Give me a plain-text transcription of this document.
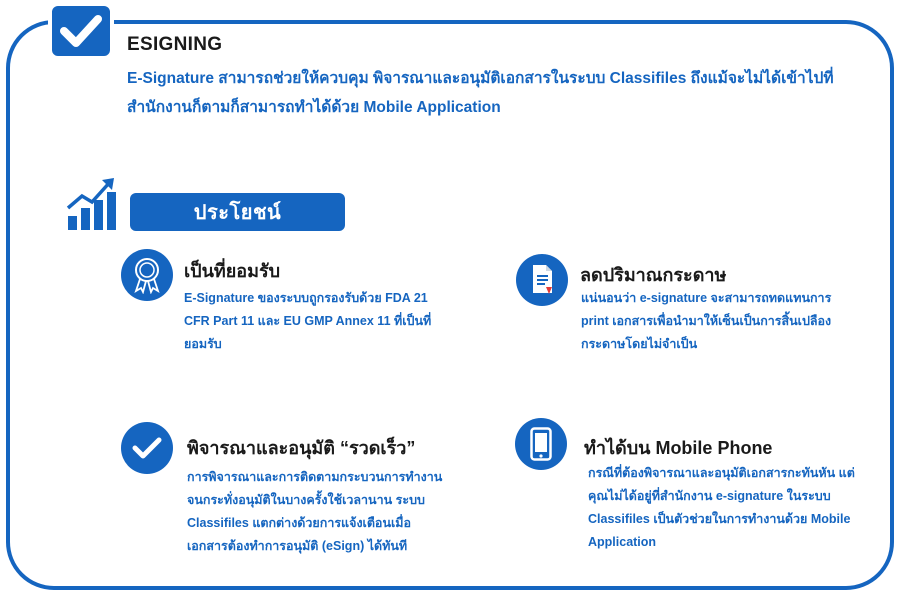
ESIGNING
E-Signature สามารถช่วยให้ควบคุม พิจารณาและอนุมัติเอกสารในระบบ Classifiles ถึงแม้จะไม่ได้เข้าไปที่สำนักงานก็ตามก็สามารถทำได้ด้วย Mobile Application
ประโยชน์
เป็นที่ยอมรับ
E-Signature ของระบบถูกรองรับด้วย FDA 21 CFR Part 11 และ EU GMP Annex 11 ที่เป็นที่ยอมรับ
ลดปริมาณกระดาษ
แน่นอนว่า e-signature จะสามารถทดแทนการ print เอกสารเพื่อนำมาให้เซ็นเป็นการสิ้นเปลืองกระดาษโดยไม่จำเป็น
พิจารณาและอนุมัติ “รวดเร็ว”
การพิจารณาและการติดตามกระบวนการทำงานจนกระทั่งอนุมัติในบางครั้งใช้เวลานาน ระบบ Classifiles แตกต่างด้วยการแจ้งเตือนเมื่อเอกสารต้องทำการอนุมัติ (eSign) ได้ทันที
ทำได้บน Mobile Phone
กรณีที่ต้องพิจารณาและอนุมัติเอกสารกะทันหัน แต่คุณไม่ได้อยู่ที่สำนักงาน e-signature ในระบบ Classifiles เป็นตัวช่วยในการทำงานด้วย Mobile Application
